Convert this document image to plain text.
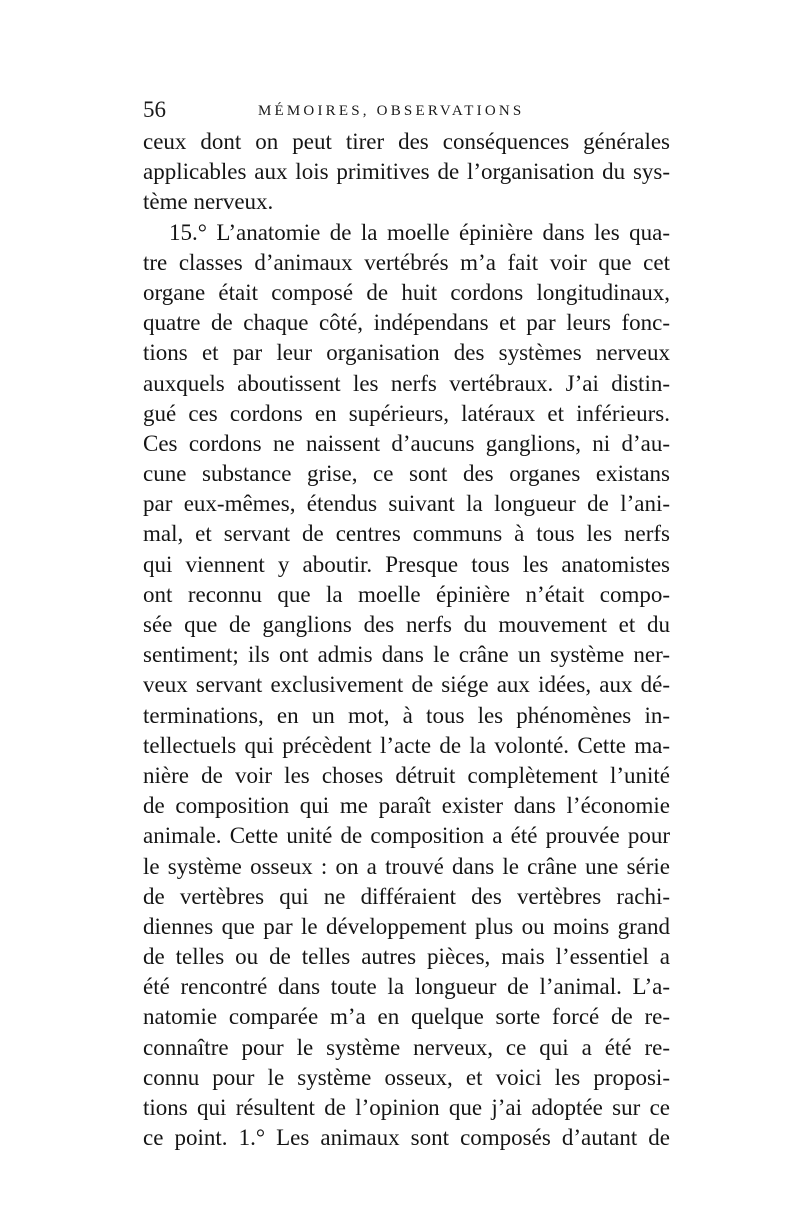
56	MÉMOIRES, OBSERVATIONS
ceux dont on peut tirer des conséquences générales
applicables aux lois primitives de l’organisation du sys-
tème nerveux.
15.° L’anatomie de la moelle épinière dans les qua-
tre classes d’animaux vertébrés m’a fait voir que cet
organe était composé de huit cordons longitudinaux,
quatre de chaque côté, indépendans et par leurs fonc-
tions et par leur organisation des systèmes nerveux
auxquels aboutissent les nerfs vertébraux. J’ai distin-
gué ces cordons en supérieurs, latéraux et inférieurs.
Ces cordons ne naissent d’aucuns ganglions, ni d’au-
cune substance grise, ce sont des organes existans
par eux-mêmes, étendus suivant la longueur de l’ani-
mal, et servant de centres communs à tous les nerfs
qui viennent y aboutir. Presque tous les anatomistes
ont reconnu que la moelle épinière n’était compo-
sée que de ganglions des nerfs du mouvement et du
sentiment; ils ont admis dans le crâne un système ner-
veux servant exclusivement de siége aux idées, aux dé-
terminations, en un mot, à tous les phénomènes in-
tellectuels qui précèdent l’acte de la volonté. Cette ma-
nière de voir les choses détruit complètement l’unité
de composition qui me paraît exister dans l’économie
animale. Cette unité de composition a été prouvée pour
le système osseux : on a trouvé dans le crâne une série
de vertèbres qui ne différaient des vertèbres rachi-
diennes que par le développement plus ou moins grand
de telles ou de telles autres pièces, mais l’essentiel a
été rencontré dans toute la longueur de l’animal. L’a-
natomie comparée m’a en quelque sorte forcé de re-
connaître pour le système nerveux, ce qui a été re-
connu pour le système osseux, et voici les proposi-
tions qui résultent de l’opinion que j’ai adoptée sur ce
ce point. 1.° Les animaux sont composés d’autant de
